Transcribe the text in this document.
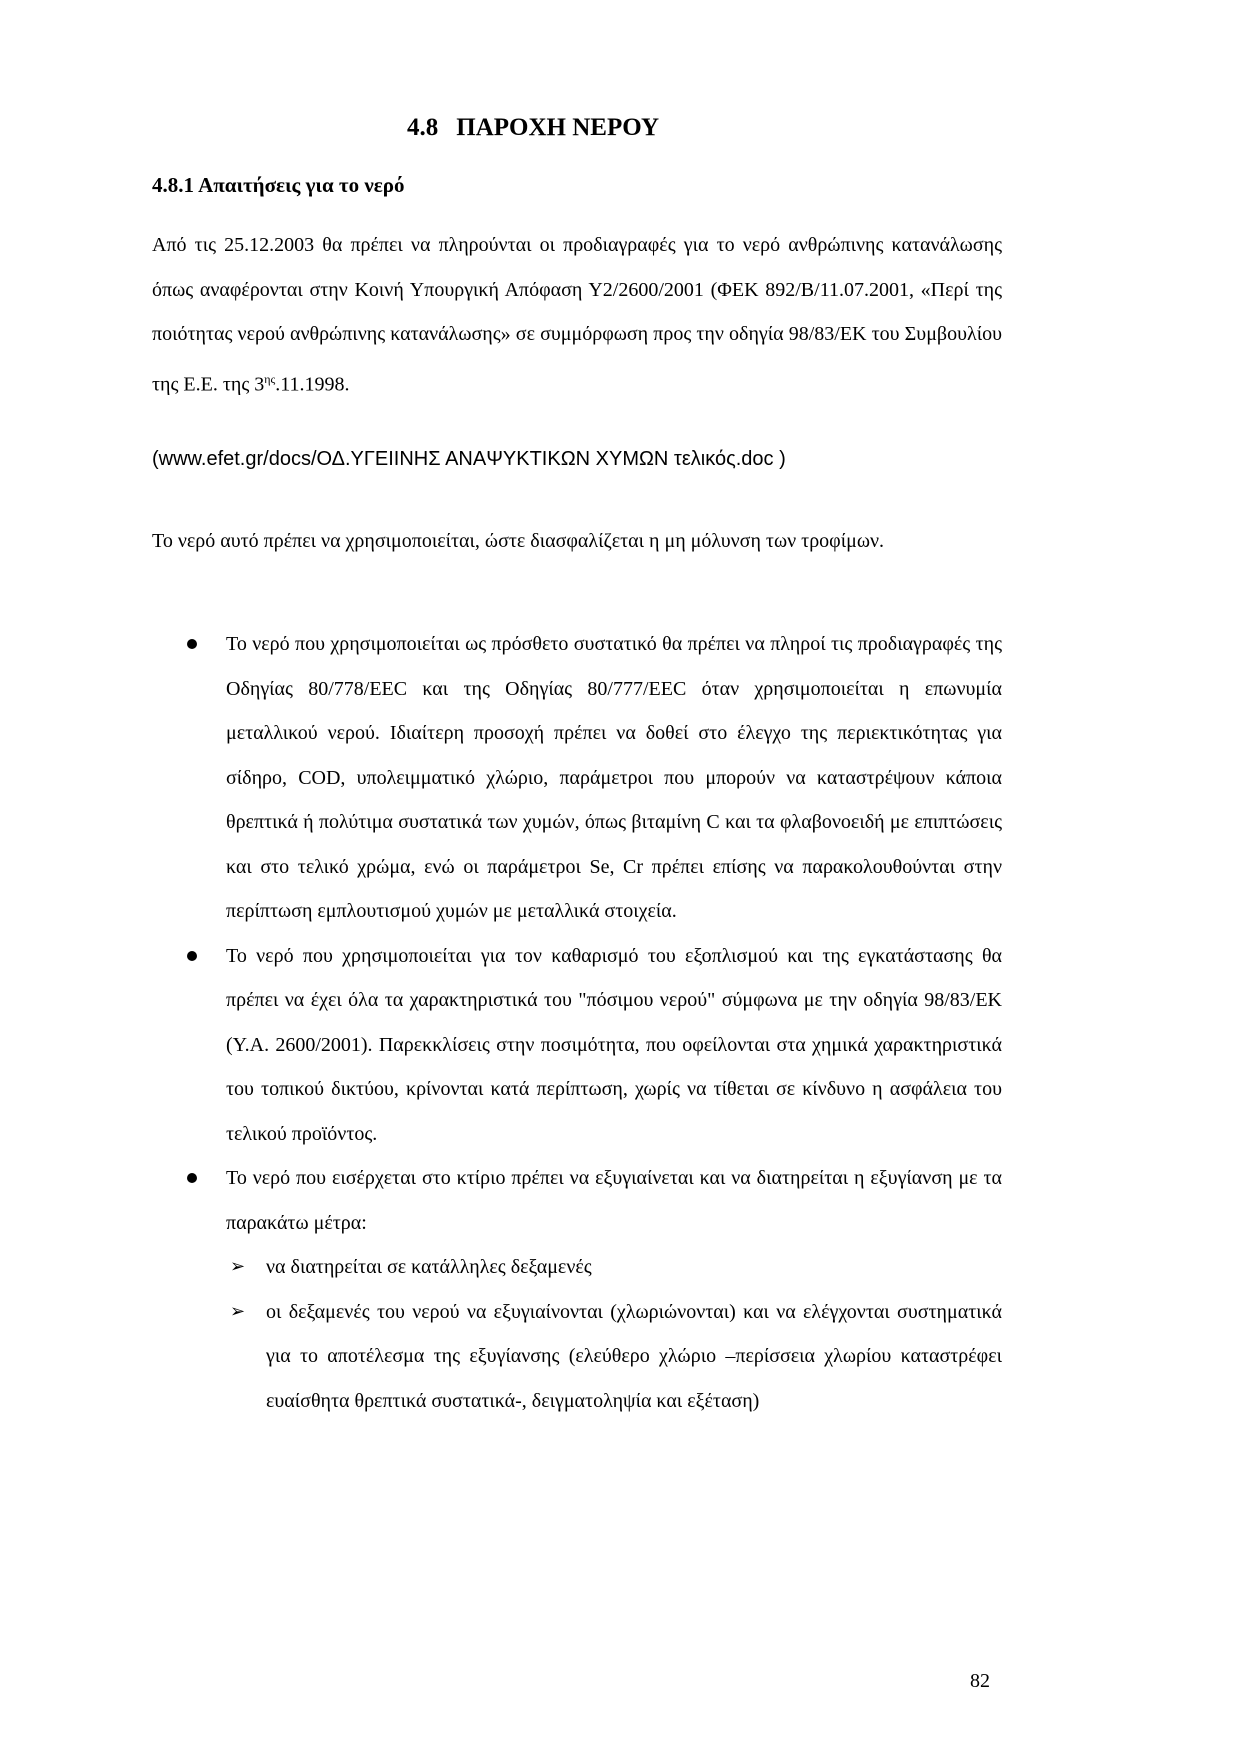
4.8 ΠΑΡΟΧΗ ΝΕΡΟΥ
4.8.1 Απαιτήσεις για το νερό
Από τις 25.12.2003 θα πρέπει να πληρούνται οι προδιαγραφές για το νερό ανθρώπινης κατανάλωσης όπως αναφέρονται στην Κοινή Υπουργική Απόφαση Υ2/2600/2001 (ΦΕΚ 892/Β/11.07.2001, «Περί της ποιότητας νερού ανθρώπινης κατανάλωσης» σε συμμόρφωση προς την οδηγία 98/83/ΕΚ του Συμβουλίου της Ε.Ε. της $3^{\eta\varsigma}.11.1998$.
(www.efet.gr/docs/ΟΔ.ΥΓΕΙΙΝΗΣ ΑΝΑΨΥΚΤΙΚΩΝ ΧΥΜΩΝ τελικός.doc )
Το νερό αυτό πρέπει να χρησιμοποιείται, ώστε διασφαλίζεται η μη μόλυνση των τροφίμων.
Το νερό που χρησιμοποιείται ως πρόσθετο συστατικό θα πρέπει να πληροί τις προδιαγραφές της Οδηγίας 80/778/ΕΕC και της Οδηγίας 80/777/ΕΕC όταν χρησιμοποιείται η επωνυμία μεταλλικού νερού. Ιδιαίτερη προσοχή πρέπει να δοθεί στο έλεγχο της περιεκτικότητας για σίδηρο, COD, υπολειμματικό χλώριο, παράμετροι που μπορούν να καταστρέψουν κάποια θρεπτικά ή πολύτιμα συστατικά των χυμών, όπως βιταμίνη C και τα φλαβονοειδή με επιπτώσεις και στο τελικό χρώμα, ενώ οι παράμετροι Se, Cr πρέπει επίσης να παρακολουθούνται στην περίπτωση εμπλουτισμού χυμών με μεταλλικά στοιχεία.
Το νερό που χρησιμοποιείται για τον καθαρισμό του εξοπλισμού και της εγκατάστασης θα πρέπει να έχει όλα τα χαρακτηριστικά του "πόσιμου νερού" σύμφωνα με την οδηγία 98/83/ΕΚ (Υ.Α. 2600/2001). Παρεκκλίσεις στην ποσιμότητα, που οφείλονται στα χημικά χαρακτηριστικά του τοπικού δικτύου, κρίνονται κατά περίπτωση, χωρίς να τίθεται σε κίνδυνο η ασφάλεια του τελικού προϊόντος.
Το νερό που εισέρχεται στο κτίριο πρέπει να εξυγιαίνεται και να διατηρείται η εξυγίανση με τα παρακάτω μέτρα:
➢ να διατηρείται σε κατάλληλες δεξαμενές
➢ οι δεξαμενές του νερού να εξυγιαίνονται (χλωριώνονται) και να ελέγχονται συστηματικά για το αποτέλεσμα της εξυγίανσης (ελεύθερο χλώριο –περίσσεια χλωρίου καταστρέφει ευαίσθητα θρεπτικά συστατικά-, δειγματοληψία και εξέταση)
82
